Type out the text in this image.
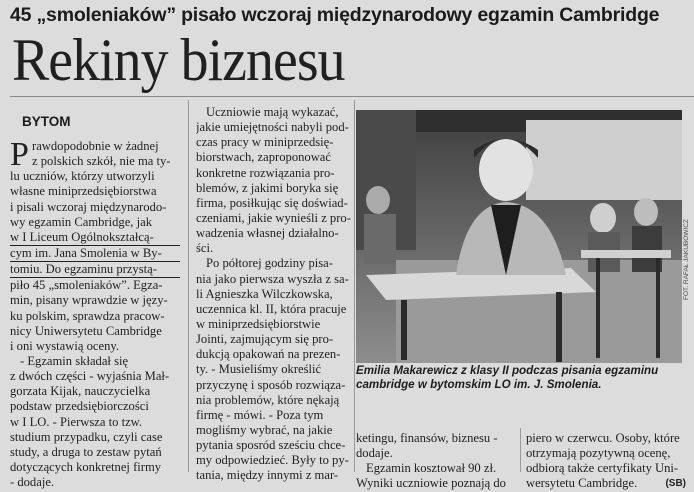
45 „smoleniaków” pisało wczoraj międzynarodowy egzamin Cambridge
Rekiny biznesu
BYTOM
rawdopodobnie w żadnej
z polskich szkół, nie ma ty-
lu uczniów, którzy utworzyli
własne miniprzedsiębiorstwa
i pisali wczoraj międzynarodo-
wy egzamin Cambridge, jak
w I Liceum Ogólnokształcą-
cym im. Jana Smolenia w By-
tomiu. Do egzaminu przystą-
piło 45 „smoleniaków”. Egza-
min, pisany wprawdzie w języ-
ku polskim, sprawdza pracow-
nicy Uniwersytetu Cambridge
i oni wystawią oceny.
- Egzamin składał się
z dwóch części - wyjaśnia Mał-
gorzata Kijak, nauczycielka
podstaw przedsiębiorczości
w I LO. - Pierwsza to tzw.
studium przypadku, czyli case
study, a druga to zestaw pytań
dotyczących konkretnej firmy
- dodaje.
P
Uczniowie mają wykazać,
jakie umiejętności nabyli pod-
czas pracy w miniprzedsię-
biorstwach, zaproponować
konkretne rozwiązania pro-
blemów, z jakimi boryka się
firma, posiłkując się doświad-
czeniami, jakie wynieśli z pro-
wadzenia własnej działalno-
ści.
Po półtorej godziny pisa-
nia jako pierwsza wyszła z sa-
li Agnieszka Wilczkowska,
uczennica kl. II, która pracuje
w miniprzedsiębiorstwie
Jointi, zajmującym się pro-
dukcją opakowań na prezen-
ty. - Musieliśmy określić
przyczynę i sposób rozwiąza-
nia problemów, które nękają
firmę - mówi. - Poza tym
mogliśmy wybrać, na jakie
pytania sposród sześciu chce-
my odpowiedzieć. Były to py-
tania, między innymi z mar-
FOT. RAFAŁ JAKUBOWICZ
Emilia Makarewicz z klasy II podczas pisania egzaminu
cambridge w bytomskim LO im. J. Smolenia.
ketingu, finansów, biznesu -
dodaje.
Egzamin kosztował 90 zł.
Wyniki uczniowie poznają do
piero w czerwcu. Osoby, które
otrzymają pozytywną ocenę,
odbiorą także certyfikaty Uni-
wersytetu Cambridge.	(SB)
